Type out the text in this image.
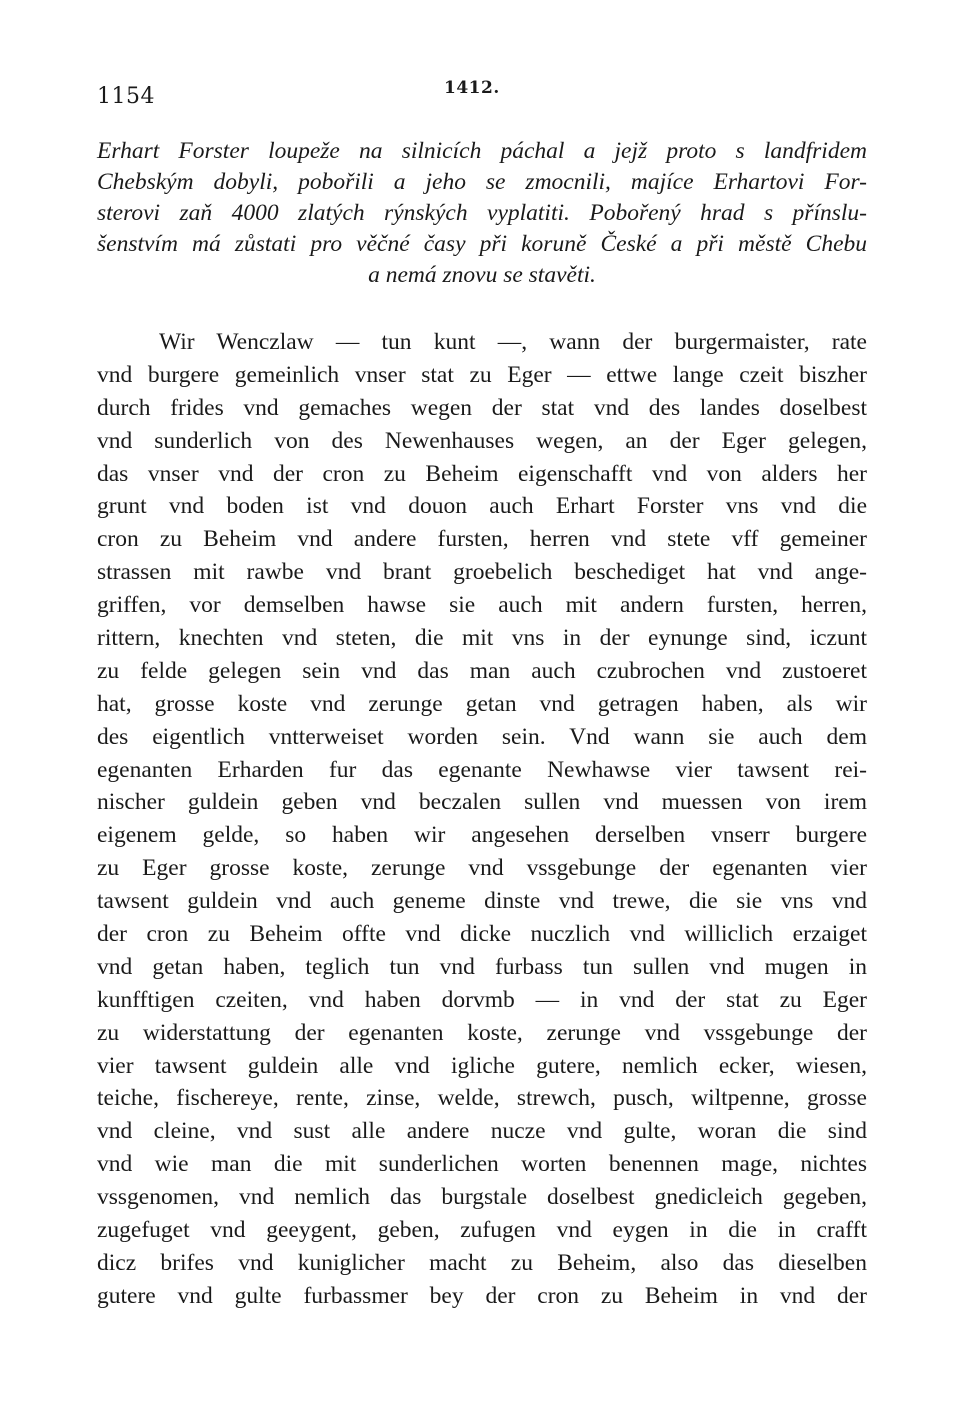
1154	1412.
Erhart Forster loupeže na silnicích páchal a jejž proto s landfridem
Chebským dobyli, pobořili a jeho se zmocnili, majíce Erhartovi For-
sterovi zaň 4000 zlatých rýnských vyplatiti. Pobořený hrad s přínslu-
šenstvím má zůstati pro věčné časy při koruně České a při městě Chebu
a nemá znovu se stavěti.
Wir Wenczlaw — tun kunt —, wann der burgermaister, rate
vnd burgere gemeinlich vnser stat zu Eger — ettwe lange czeit biszher
durch frides vnd gemaches wegen der stat vnd des landes doselbest
vnd sunderlich von des Newenhauses wegen, an der Eger gelegen,
das vnser vnd der cron zu Beheim eigenschafft vnd von alders her
grunt vnd boden ist vnd douon auch Erhart Forster vns vnd die
cron zu Beheim vnd andere fursten, herren vnd stete vff gemeiner
strassen mit rawbe vnd brant groebelich beschediget hat vnd ange-
griffen, vor demselben hawse sie auch mit andern fursten, herren,
rittern, knechten vnd steten, die mit vns in der eynunge sind, iczunt
zu felde gelegen sein vnd das man auch czubrochen vnd zustoeret
hat, grosse koste vnd zerunge getan vnd getragen haben, als wir
des eigentlich vntterweiset worden sein. Vnd wann sie auch dem
egenanten Erharden fur das egenante Newhawse vier tawsent rei-
nischer guldein geben vnd beczalen sullen vnd muessen von irem
eigenem gelde, so haben wir angesehen derselben vnserr burgere
zu Eger grosse koste, zerunge vnd vssgebunge der egenanten vier
tawsent guldein vnd auch geneme dinste vnd trewe, die sie vns vnd
der cron zu Beheim offte vnd dicke nuczlich vnd williclich erzaiget
vnd getan haben, teglich tun vnd furbass tun sullen vnd mugen in
kunfftigen czeiten, vnd haben dorvmb — in vnd der stat zu Eger
zu widerstattung der egenanten koste, zerunge vnd vssgebunge der
vier tawsent guldein alle vnd igliche gutere, nemlich ecker, wiesen,
teiche, fischereye, rente, zinse, welde, strewch, pusch, wiltpenne, grosse
vnd cleine, vnd sust alle andere nucze vnd gulte, woran die sind
vnd wie man die mit sunderlichen worten benennen mage, nichtes
vssgenomen, vnd nemlich das burgstale doselbest gnedicleich gegeben,
zugefuget vnd geeygent, geben, zufugen vnd eygen in die in crafft
dicz brifes vnd kuniglicher macht zu Beheim, also das dieselben
gutere vnd gulte furbassmer bey der cron zu Beheim in vnd der
